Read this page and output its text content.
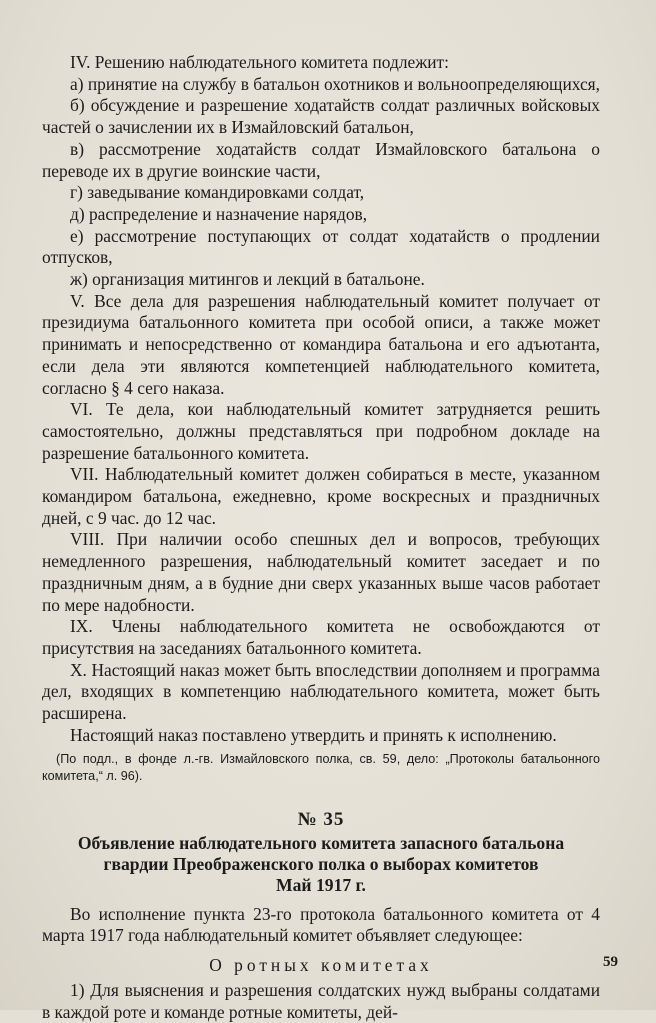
IV. Решению наблюдательного комитета подлежит:

а) принятие на службу в батальон охотников и вольноопределяющихся,

б) обсуждение и разрешение ходатайств солдат различных войсковых частей о зачислении их в Измайловский батальон,

в) рассмотрение ходатайств солдат Измайловского батальона о переводе их в другие воинские части,

г) заведывание командировками солдат,

д) распределение и назначение нарядов,

е) рассмотрение поступающих от солдат ходатайств о продлении отпусков,

ж) организация митингов и лекций в батальоне.

V. Все дела для разрешения наблюдательный комитет получает от президиума батальонного комитета при особой описи, а также может принимать и непосредственно от командира батальона и его адъютанта, если дела эти являются компетенцией наблюдательного комитета, согласно § 4 сего наказа.

VI. Те дела, кои наблюдательный комитет затрудняется решить самостоятельно, должны представляться при подробном докладе на разрешение батальонного комитета.

VII. Наблюдательный комитет должен собираться в месте, указанном командиром батальона, ежедневно, кроме воскресных и праздничных дней, с 9 час. до 12 час.

VIII. При наличии особо спешных дел и вопросов, требующих немедленного разрешения, наблюдательный комитет заседает и по праздничным дням, а в будние дни сверх указанных выше часов работает по мере надобности.

IX. Члены наблюдательного комитета не освобождаются от присутствия на заседаниях батальонного комитета.

X. Настоящий наказ может быть впоследствии дополняем и программа дел, входящих в компетенцию наблюдательного комитета, может быть расширена.

Настоящий наказ поставлено утвердить и принять к исполнению.

(По подл., в фонде л.-гв. Измайловского полка, св. 59, дело: „Протоколы батальонного комитета,“ л. 96).

№ 35

Объявление наблюдательного комитета запасного батальона

гвардии Преображенского полка о выборах комитетов

Май 1917 г.

Во исполнение пункта 23-го протокола батальонного комитета от 4 марта 1917 года наблюдательный комитет объявляет следующее:

О ротных комитетах

1) Для выяснения и разрешения солдатских нужд выбраны солдатами в каждой роте и команде ротные комитеты, дей-

59
